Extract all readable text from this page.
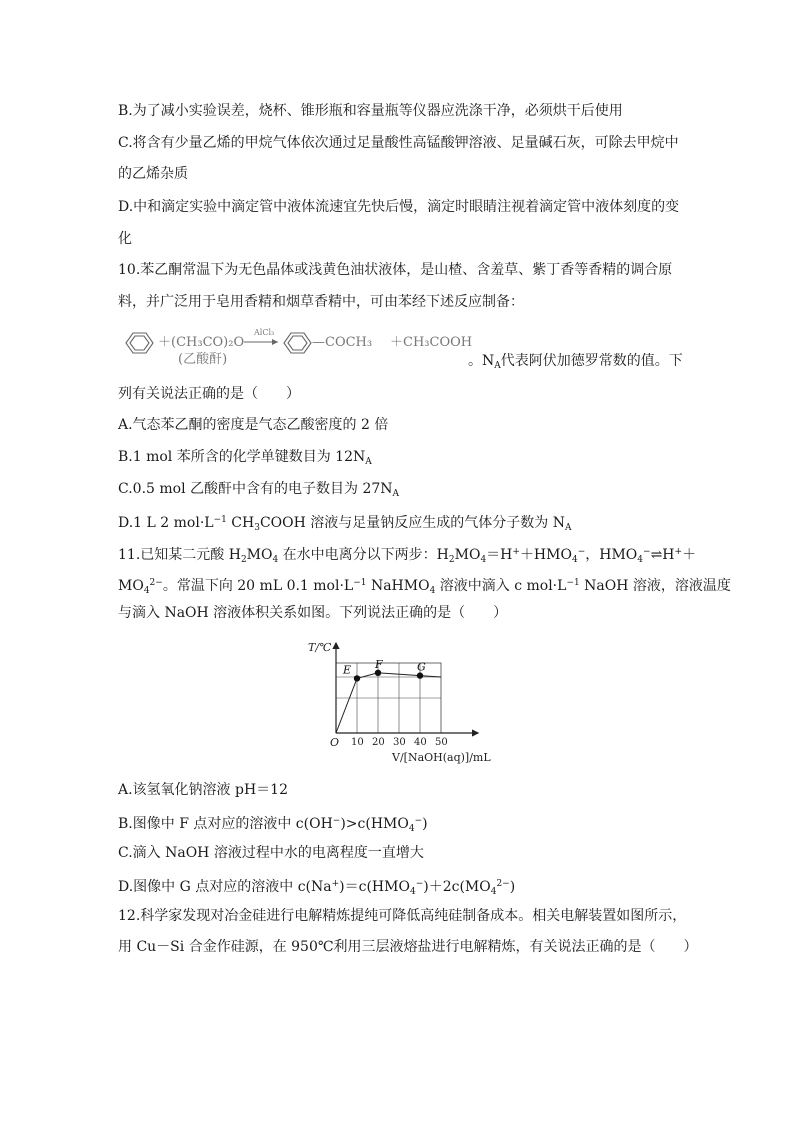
B.为了减小实验误差，烧杯、锥形瓶和容量瓶等仪器应洗涤干净，必须烘干后使用
C.将含有少量乙烯的甲烷气体依次通过足量酸性高锰酸钾溶液、足量碱石灰，可除去甲烷中
的乙烯杂质
D.中和滴定实验中滴定管中液体流速宜先快后慢，滴定时眼睛注视着滴定管中液体刻度的变
化
10.苯乙酮常温下为无色晶体或浅黄色油状液体，是山楂、含羞草、紫丁香等香精的调合原
料，并广泛用于皂用香精和烟草香精中，可由苯经下述反应制备：
＋(CH₃CO)₂O
AlCl₃
(乙酸酐)
—COCH₃ ＋CH₃COOH
。$N_A$代表阿伏加德罗常数的值。下
列有关说法正确的是（　　）
A.气态苯乙酮的密度是气态乙酸密度的 2 倍
B.1 mol 苯所含的化学单键数目为 $12N_A$
C.0.5 mol 乙酸酐中含有的电子数目为 $27N_A$
D.1 L 2 $mol\cdot L^{-1}$ $CH_3COOH$ 溶液与足量钠反应生成的气体分子数为 $N_A$
11.已知某二元酸 $H_2MO_4$ 在水中电离分以下两步：$H_2MO_4=H^++HMO_4^-$，$HMO_4^-\rightleftharpoons H^++$
$MO_4^{2-}$。常温下向 20 mL 0.1 $mol\cdot L^{-1}$ NaHMO$_4$ 溶液中滴入 c $mol\cdot L^{-1}$ NaOH 溶液，溶液温度
与滴入 NaOH 溶液体积关系如图。下列说法正确的是（　　）
T/℃
O
V/[NaOH(aq)]/mL
10 20 30 40 50
E F	G
A.该氢氧化钠溶液 pH＝12
B.图像中 F 点对应的溶液中 $c(OH^-)>c(HMO_4^-)$
C.滴入 NaOH 溶液过程中水的电离程度一直增大
D.图像中 G 点对应的溶液中 $c(Na^+)=c(HMO_4^-)+2c(MO_4^{2-})$
12.科学家发现对冶金硅进行电解精炼提纯可降低高纯硅制备成本。相关电解装置如图所示，
用 Cu－Si 合金作硅源，在 950℃利用三层液熔盐进行电解精炼，有关说法正确的是（　　）
